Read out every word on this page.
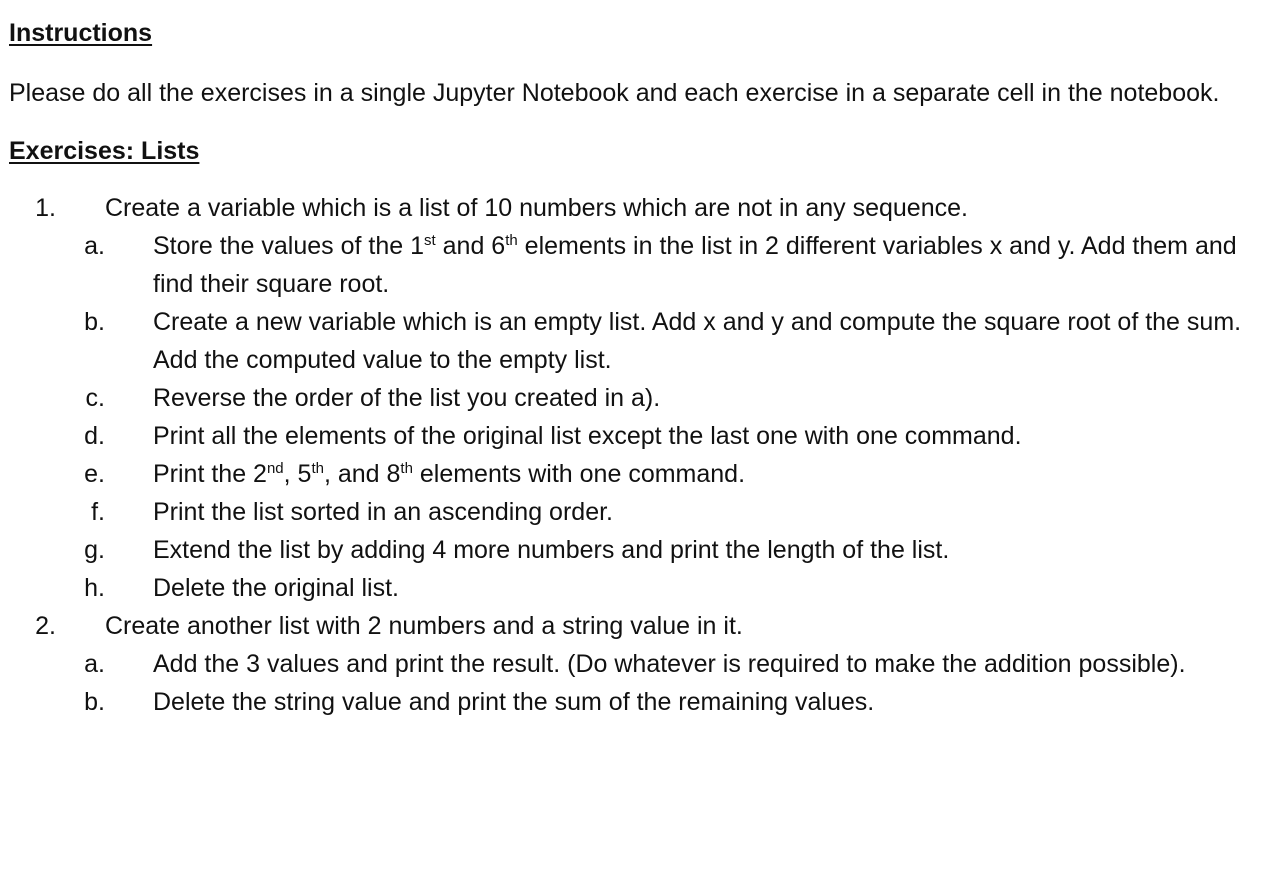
Instructions

Please do all the exercises in a single Jupyter Notebook and each exercise in a separate cell in the notebook.

Exercises: Lists

1.	Create a variable which is a list of 10 numbers which are not in any sequence.
a.	Store the values of the 1st and 6th elements in the list in 2 different variables x and y. Add them and find their square root.
b.	Create a new variable which is an empty list. Add x and y and compute the square root of the sum. Add the computed value to the empty list.
c.	Reverse the order of the list you created in a).
d.	Print all the elements of the original list except the last one with one command.
e.	Print the 2nd, 5th, and 8th elements with one command.
f.	Print the list sorted in an ascending order.
g.	Extend the list by adding 4 more numbers and print the length of the list.
h.	Delete the original list.
2.	Create another list with 2 numbers and a string value in it.
a.	Add the 3 values and print the result. (Do whatever is required to make the addition possible).
b.	Delete the string value and print the sum of the remaining values.
